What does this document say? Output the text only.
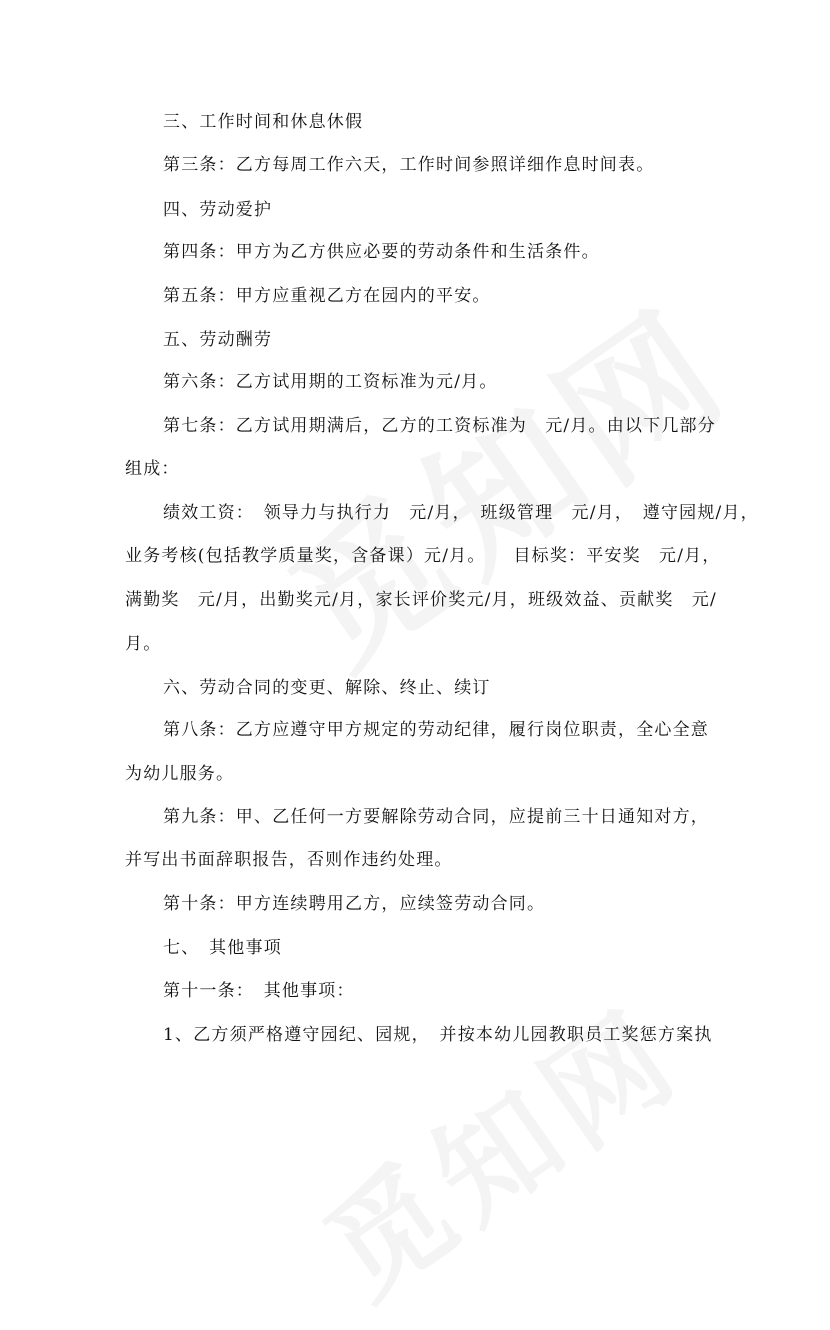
三、工作时间和休息休假
第三条：乙方每周工作六天，工作时间参照详细作息时间表。
四、劳动爱护
第四条：甲方为乙方供应必要的劳动条件和生活条件。
第五条：甲方应重视乙方在园内的平安。
五、劳动酬劳
第六条：乙方试用期的工资标准为元/月。
第七条：乙方试用期满后，乙方的工资标准为　元/月。由以下几部分
组成：
绩效工资：　领导力与执行力　元/月，　班级管理　元/月，　遵守园规/月，
业务考核(包括教学质量奖，含备课）元/月。　　目标奖：平安奖　元/月，
满勤奖　元/月，出勤奖元/月，家长评价奖元/月，班级效益、贡献奖　元/
月。
六、劳动合同的变更、解除、终止、续订
第八条：乙方应遵守甲方规定的劳动纪律，履行岗位职责，全心全意
为幼儿服务。
第九条：甲、乙任何一方要解除劳动合同，应提前三十日通知对方，
并写出书面辞职报告，否则作违约处理。
第十条：甲方连续聘用乙方，应续签劳动合同。
七、　其他事项
第十一条：　其他事项：
1、乙方须严格遵守园纪、园规，　并按本幼儿园教职员工奖惩方案执
